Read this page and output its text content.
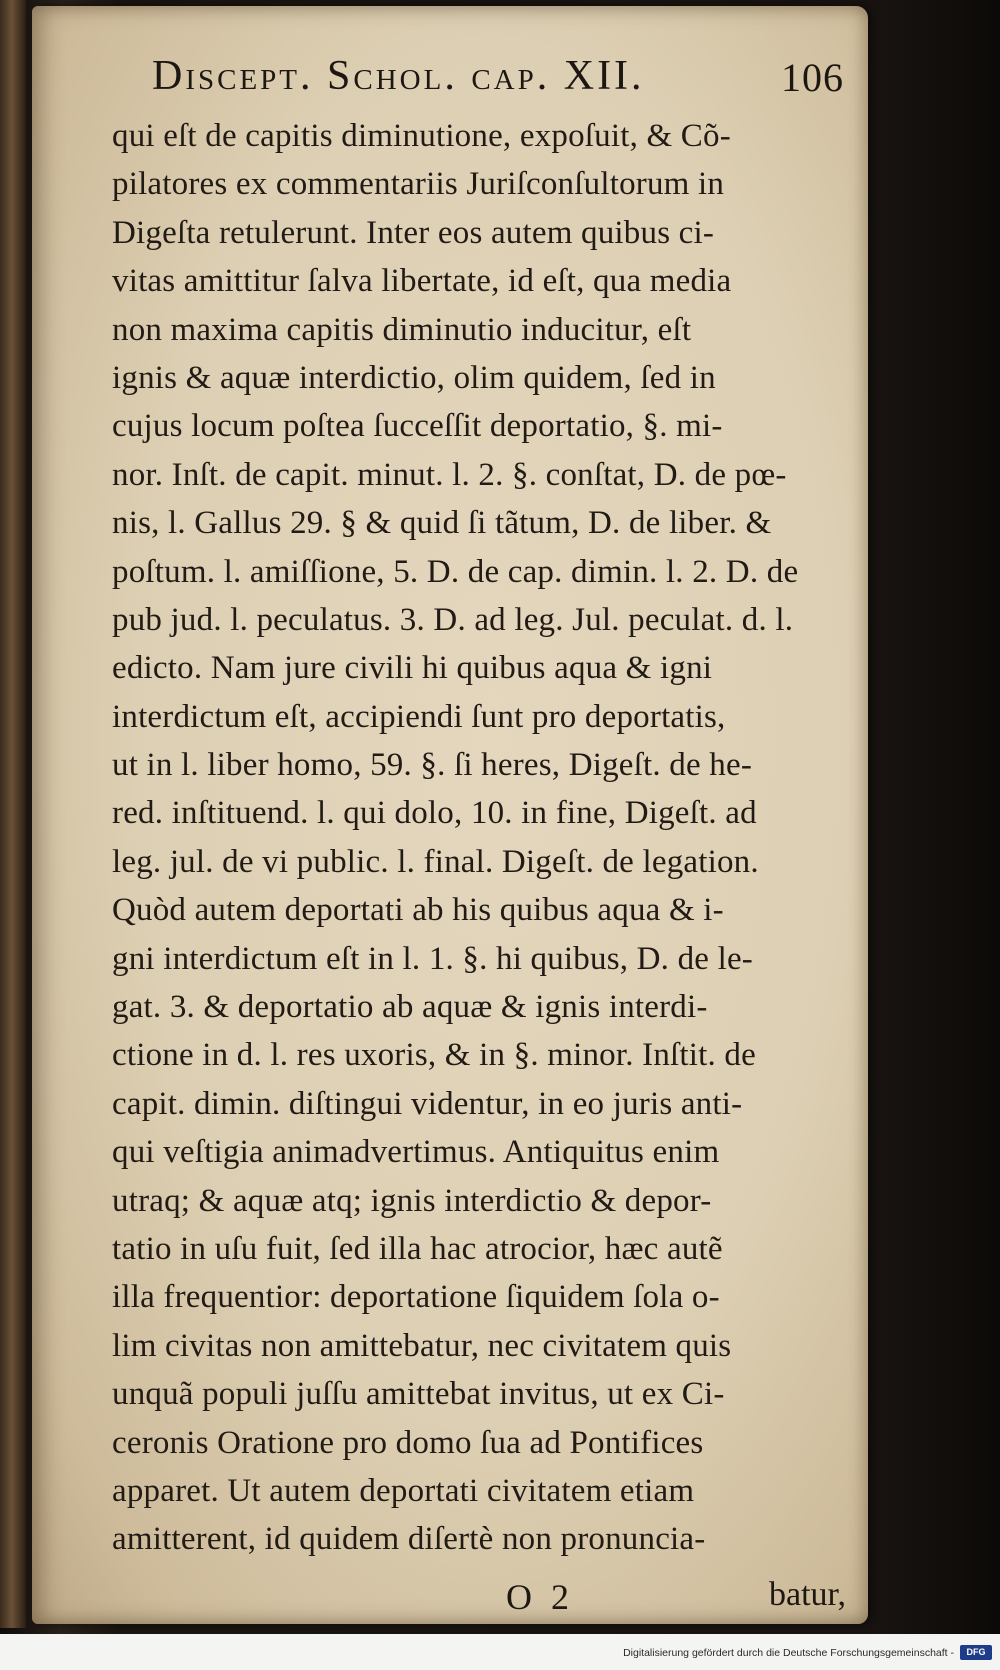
Discept. Schol. cap. XII.	106
qui eſt de capitis diminutione, expoſuit, & Cõ-
pilatores ex commentariis Juriſconſultorum in
Digeſta retulerunt. Inter eos autem quibus ci-
vitas amittitur ſalva libertate, id eſt, qua media
non maxima capitis diminutio inducitur, eſt
ignis & aquæ interdictio, olim quidem, ſed in
cujus locum poſtea ſucceſſit deportatio, §. mi-
nor. Inſt. de capit. minut. l. 2. §. conſtat, D. de pœ-
nis, l. Gallus 29. § & quid ſi tãtum, D. de liber. &
poſtum. l. amiſſione, 5. D. de cap. dimin. l. 2. D. de
pub jud. l. peculatus. 3. D. ad leg. Jul. peculat. d. l.
edicto. Nam jure civili hi quibus aqua & igni
interdictum eſt, accipiendi ſunt pro deportatis,
ut in l. liber homo, 59. §. ſi heres, Digeſt. de he-
red. inſtituend. l. qui dolo, 10. in fine, Digeſt. ad
leg. jul. de vi public. l. final. Digeſt. de legation.
Quòd autem deportati ab his quibus aqua & i-
gni interdictum eſt in l. 1. §. hi quibus, D. de le-
gat. 3. & deportatio ab aquæ & ignis interdi-
ctione in d. l. res uxoris, & in §. minor. Inſtit. de
capit. dimin. diſtingui videntur, in eo juris anti-
qui veſtigia animadvertimus. Antiquitus enim
utraq; & aquæ atq; ignis interdictio & depor-
tatio in uſu fuit, ſed illa hac atrocior, hæc autẽ
illa frequentior: deportatione ſiquidem ſola o-
lim civitas non amittebatur, nec civitatem quis
unquã populi juſſu amittebat invitus, ut ex Ci-
ceronis Oratione pro domo ſua ad Pontifices
apparet. Ut autem deportati civitatem etiam
amitterent, id quidem diſertè non pronuncia-
O 2	batur,
Digitalisierung gefördert durch die Deutsche Forschungsgemeinschaft -	DFG
